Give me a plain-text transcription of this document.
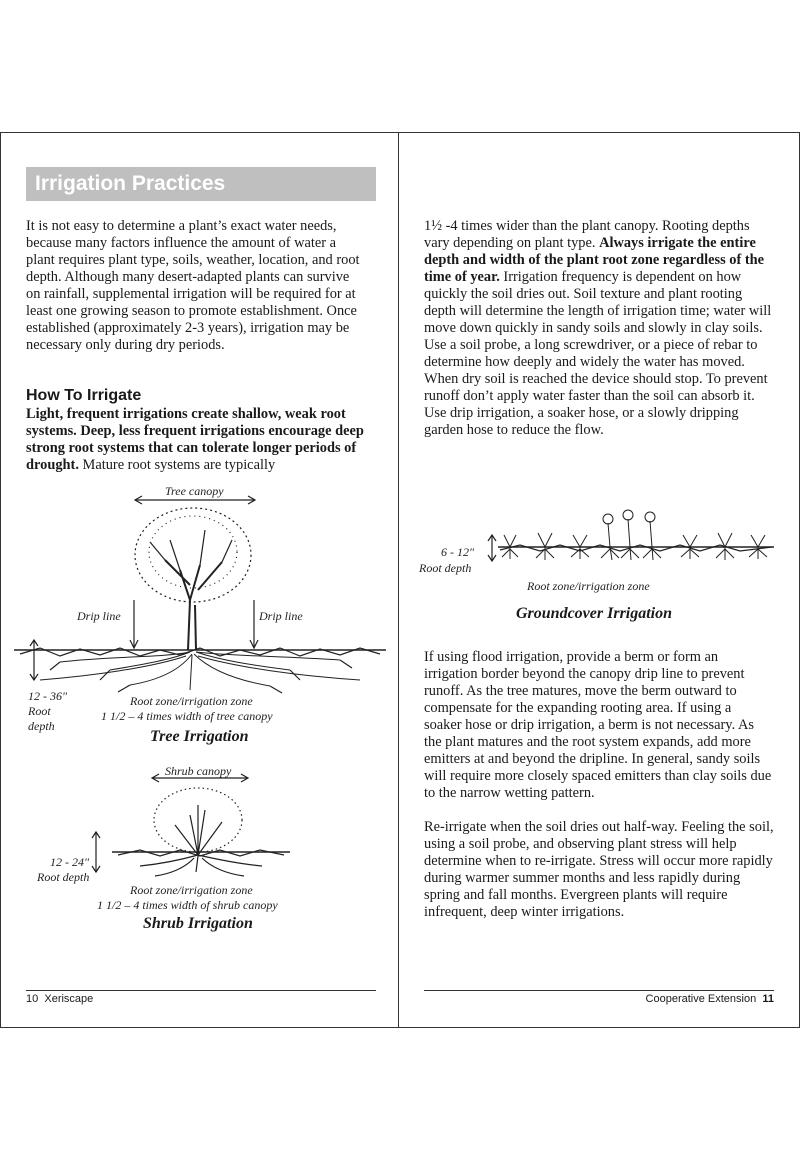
Irrigation Practices

It is not easy to determine a plant’s exact water needs, because many factors influence the amount of water a plant requires plant type, soils, weather, location, and root depth. Although many desert-adapted plants can survive on rainfall, supplemental irrigation will be required for at least one growing season to promote establishment. Once established (approximately 2-3 years), irrigation may be necessary only during dry periods.

How To Irrigate

Light, frequent irrigations create shallow, weak root systems. Deep, less frequent irrigations encourage deep strong root systems that can tolerate longer periods of drought. Mature root systems are typically

Tree canopy
Drip line	Drip line
12 - 36"
Root
depth
Root zone/irrigation zone
1 1/2 – 4 times width of tree canopy
Tree Irrigation
Shrub canopy
12 - 24"
Root depth
Root zone/irrigation zone
1 1/2 – 4 times width of shrub canopy
Shrub Irrigation
10 Xeriscape

1½ -4 times wider than the plant canopy. Rooting depths vary depending on plant type. Always irrigate the entire depth and width of the plant root zone regardless of the time of year. Irrigation frequency is dependent on how quickly the soil dries out. Soil texture and plant rooting depth will determine the length of irrigation time; water will move down quickly in sandy soils and slowly in clay soils. Use a soil probe, a long screwdriver, or a piece of rebar to determine how deeply and widely the water has moved. When dry soil is reached the device should stop. To prevent runoff don’t apply water faster than the soil can absorb it. Use drip irrigation, a soaker hose, or a slowly dripping garden hose to reduce the flow.

6 - 12"
Root depth
Root zone/irrigation zone
Groundcover Irrigation

If using flood irrigation, provide a berm or form an irrigation border beyond the canopy drip line to prevent runoff. As the tree matures, move the berm outward to compensate for the expanding rooting area. If using a soaker hose or drip irrigation, a berm is not necessary. As the plant matures and the root system expands, add more emitters at and beyond the dripline. In general, sandy soils will require more closely spaced emitters than clay soils due to the narrow wetting pattern.

Re-irrigate when the soil dries out half-way. Feeling the soil, using a soil probe, and observing plant stress will help determine when to re-irrigate. Stress will occur more rapidly during warmer summer months and less rapidly during spring and fall months. Evergreen plants will require infrequent, deep winter irrigations.

Cooperative Extension 11
